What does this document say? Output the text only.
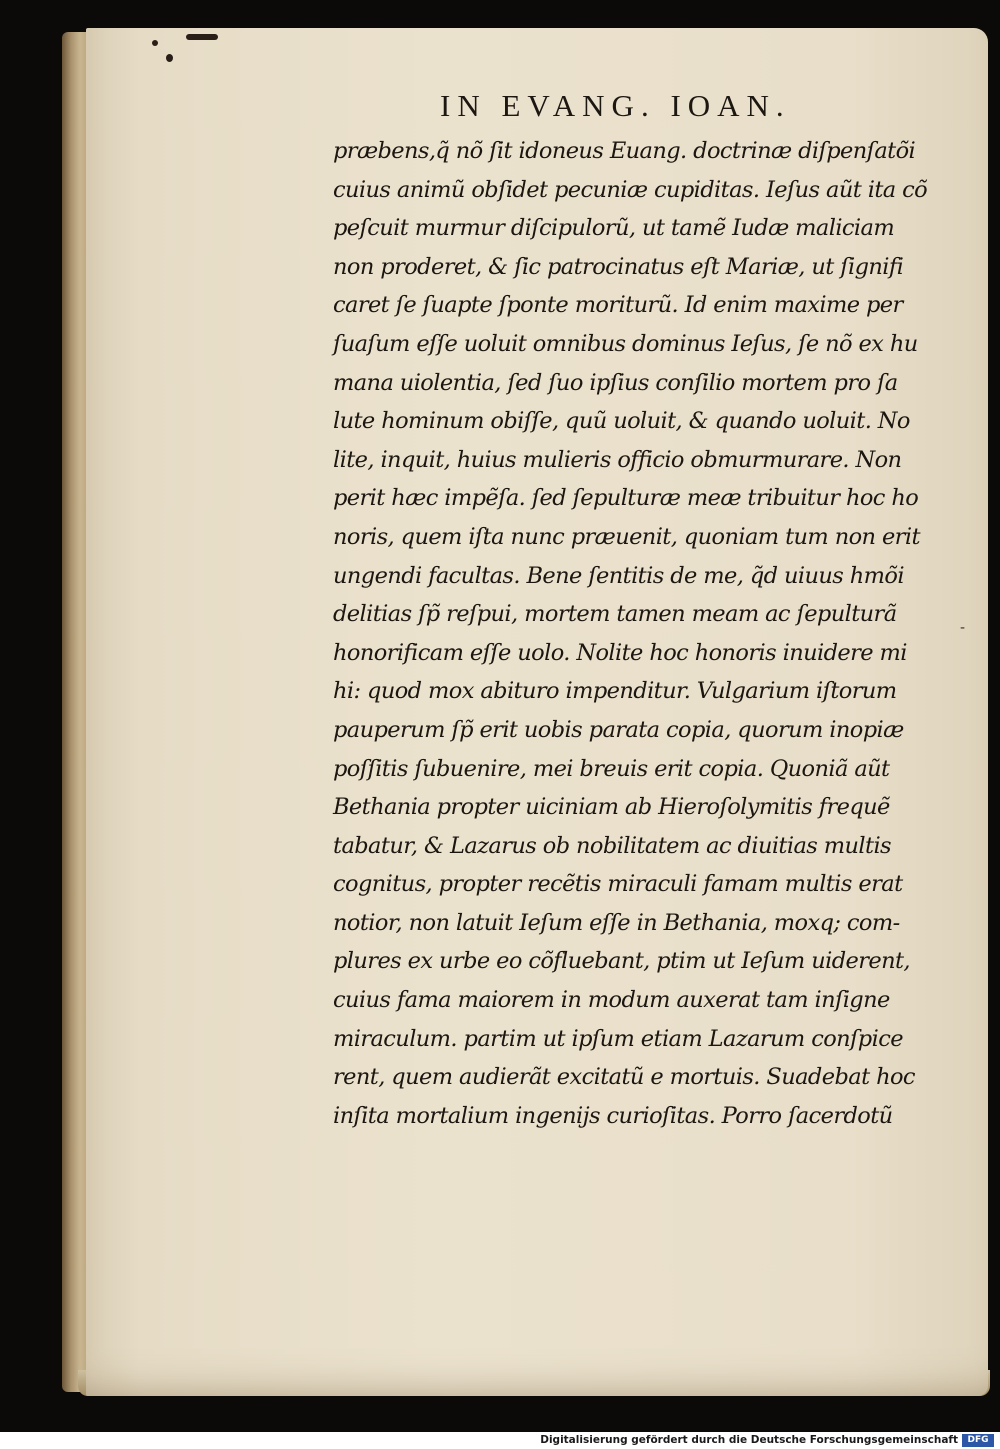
IN EVANG. IOAN.
præbens,q̃ nõ ſit idoneus Euang. doctrinæ diſpenſatõi
cuius animũ obſidet pecuniæ cupiditas. Ieſus aũt ita cõ
peſcuit murmur diſcipulorũ, ut tamẽ Iudæ maliciam
non proderet, & ſic patrocinatus eſt Mariæ, ut ſignifi
caret ſe ſuapte ſponte moriturũ. Id enim maxime per
ſuaſum eſſe uoluit omnibus dominus Ieſus, ſe nõ ex hu
mana uiolentia, ſed ſuo ipſius conſilio mortem pro ſa
lute hominum obiſſe, quũ uoluit, & quando uoluit. No
lite, inquit, huius mulieris officio obmurmurare. Non
perit hæc impẽſa. ſed ſepulturæ meæ tribuitur hoc ho
noris, quem iſta nunc præuenit, quoniam tum non erit
ungendi facultas. Bene ſentitis de me, q̃d uiuus hmõi
delitias ſp̃ reſpui, mortem tamen meam ac ſepulturã
honorificam eſſe uolo. Nolite hoc honoris inuidere mi
hi: quod mox abituro impenditur. Vulgarium iſtorum
pauperum ſp̃ erit uobis parata copia, quorum inopiæ
poſſitis ſubuenire, mei breuis erit copia. Quoniã aũt
Bethania propter uiciniam ab Hieroſolymitis frequẽ
tabatur, & Lazarus ob nobilitatem ac diuitias multis
cognitus, propter recẽtis miraculi famam multis erat
notior, non latuit Ieſum eſſe in Bethania, moxq; com-
plures ex urbe eo cõfluebant, ptim ut Ieſum uiderent,
cuius fama maiorem in modum auxerat tam inſigne
miraculum. partim ut ipſum etiam Lazarum conſpice
rent, quem audierãt excitatũ e mortuis. Suadebat hoc
inſita mortalium ingenijs curioſitas. Porro ſacerdotũ
-
Digitalisierung gefördert durch die Deutsche Forschungsgemeinschaft	DFG
